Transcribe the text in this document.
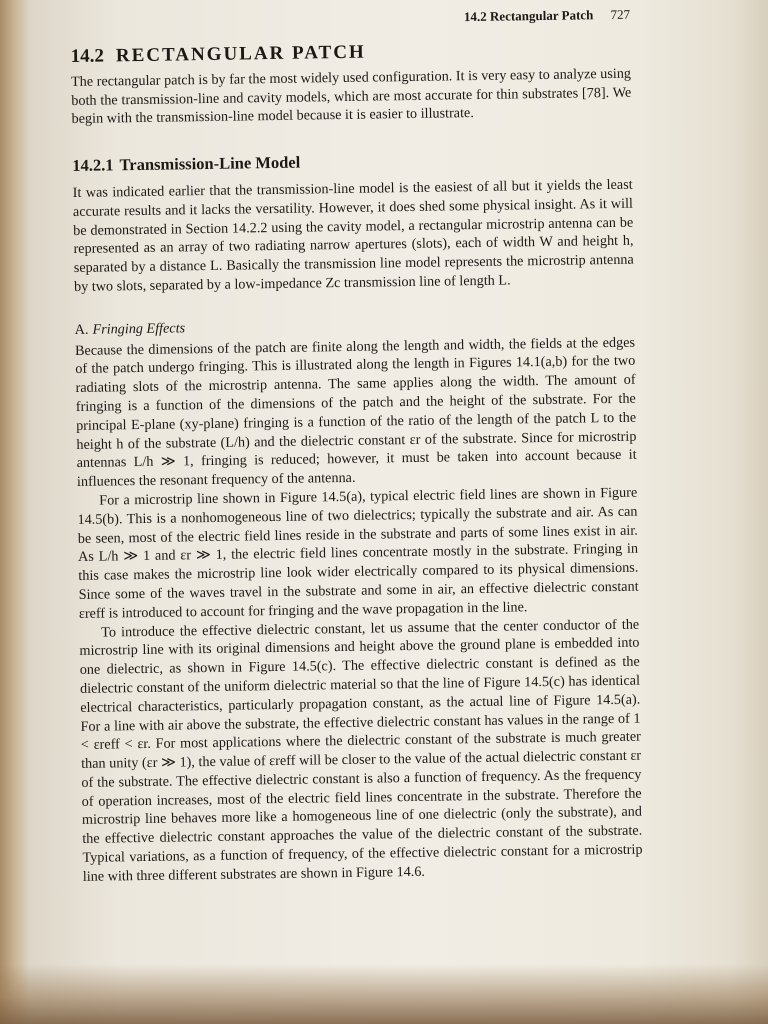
14.2 Rectangular Patch 727
14.2 RECTANGULAR PATCH

The rectangular patch is by far the most widely used configuration. It is very easy to analyze using both the transmission-line and cavity models, which are most accurate for thin substrates [78]. We begin with the transmission-line model because it is easier to illustrate.

14.2.1 Transmission-Line Model

It was indicated earlier that the transmission-line model is the easiest of all but it yields the least accurate results and it lacks the versatility. However, it does shed some physical insight. As it will be demonstrated in Section 14.2.2 using the cavity model, a rectangular microstrip antenna can be represented as an array of two radiating narrow apertures (slots), each of width W and height h, separated by a distance L. Basically the transmission line model represents the microstrip antenna by two slots, separated by a low-impedance Zc transmission line of length L.

A. Fringing Effects

Because the dimensions of the patch are finite along the length and width, the fields at the edges of the patch undergo fringing. This is illustrated along the length in Figures 14.1(a,b) for the two radiating slots of the microstrip antenna. The same applies along the width. The amount of fringing is a function of the dimensions of the patch and the height of the substrate. For the principal E-plane (xy-plane) fringing is a function of the ratio of the length of the patch L to the height h of the substrate (L/h) and the dielectric constant εr of the substrate. Since for microstrip antennas L/h ≫ 1, fringing is reduced; however, it must be taken into account because it influences the resonant frequency of the antenna.

For a microstrip line shown in Figure 14.5(a), typical electric field lines are shown in Figure 14.5(b). This is a nonhomogeneous line of two dielectrics; typically the substrate and air. As can be seen, most of the electric field lines reside in the substrate and parts of some lines exist in air. As L/h ≫ 1 and εr ≫ 1, the electric field lines concentrate mostly in the substrate. Fringing in this case makes the microstrip line look wider electrically compared to its physical dimensions. Since some of the waves travel in the substrate and some in air, an effective dielectric constant εreff is introduced to account for fringing and the wave propagation in the line.

To introduce the effective dielectric constant, let us assume that the center conductor of the microstrip line with its original dimensions and height above the ground plane is embedded into one dielectric, as shown in Figure 14.5(c). The effective dielectric constant is defined as the dielectric constant of the uniform dielectric material so that the line of Figure 14.5(c) has identical electrical characteristics, particularly propagation constant, as the actual line of Figure 14.5(a). For a line with air above the substrate, the effective dielectric constant has values in the range of 1 < εreff < εr. For most applications where the dielectric constant of the substrate is much greater than unity (εr ≫ 1), the value of εreff will be closer to the value of the actual dielectric constant εr of the substrate. The effective dielectric constant is also a function of frequency. As the frequency of operation increases, most of the electric field lines concentrate in the substrate. Therefore the microstrip line behaves more like a homogeneous line of one dielectric (only the substrate), and the effective dielectric constant approaches the value of the dielectric constant of the substrate. Typical variations, as a function of frequency, of the effective dielectric constant for a microstrip line with three different substrates are shown in Figure 14.6.
